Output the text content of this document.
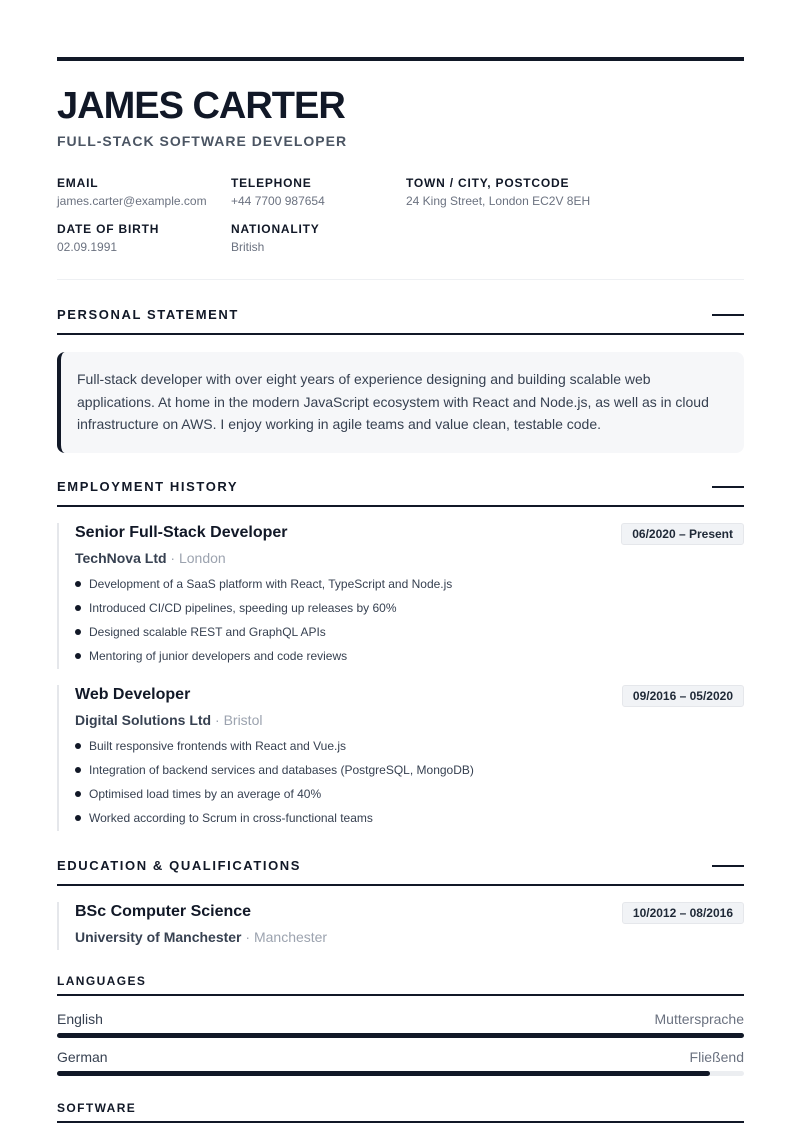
JAMES CARTER
FULL-STACK SOFTWARE DEVELOPER
EMAIL
james.carter@example.com
TELEPHONE
+44 7700 987654
TOWN / CITY, POSTCODE
24 King Street, London EC2V 8EH
DATE OF BIRTH
02.09.1991
NATIONALITY
British
PERSONAL STATEMENT
Full-stack developer with over eight years of experience designing and building scalable web applications. At home in the modern JavaScript ecosystem with React and Node.js, as well as in cloud infrastructure on AWS. I enjoy working in agile teams and value clean, testable code.
EMPLOYMENT HISTORY
Senior Full-Stack Developer	06/2020 – Present
TechNova Ltd · London
Development of a SaaS platform with React, TypeScript and Node.js
Introduced CI/CD pipelines, speeding up releases by 60%
Designed scalable REST and GraphQL APIs
Mentoring of junior developers and code reviews
Web Developer	09/2016 – 05/2020
Digital Solutions Ltd · Bristol
Built responsive frontends with React and Vue.js
Integration of backend services and databases (PostgreSQL, MongoDB)
Optimised load times by an average of 40%
Worked according to Scrum in cross-functional teams
EDUCATION & QUALIFICATIONS
BSc Computer Science	10/2012 – 08/2016
University of Manchester · Manchester
LANGUAGES
English	Muttersprache
German	Fließend
SOFTWARE
